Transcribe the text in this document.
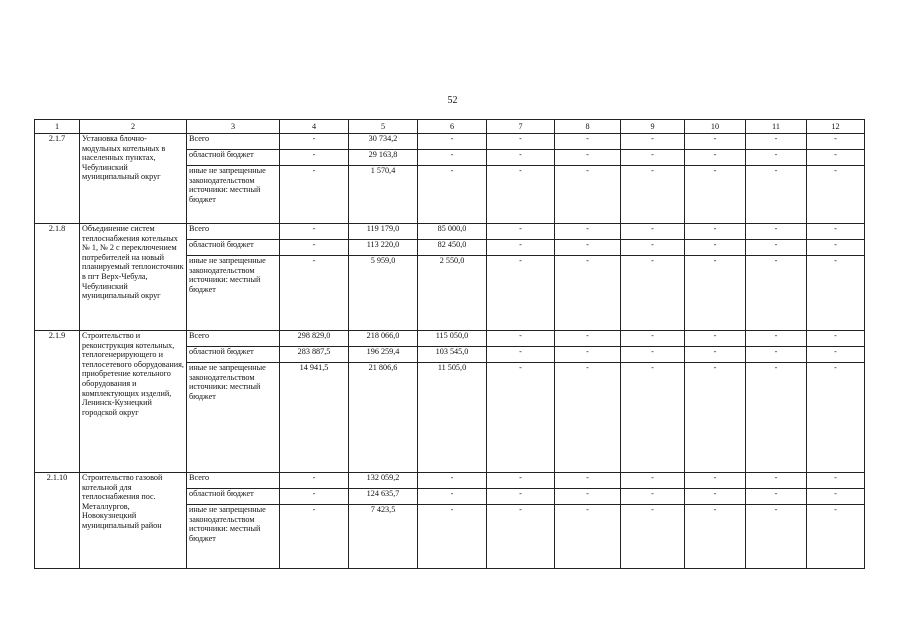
52
1	2	3	4	5	6	7	8	9	10	11	12
2.1.7	Установка блочно-модульных котельных в населенных пунктах, Чебулинский муниципальный округ	Всего	-	30 734,2	-	-	-	-	-	-	-
		областной бюджет	-	29 163,8	-	-	-	-	-	-	-
		иные не запрещенные законодательством источники: местный бюджет	-	1 570,4	-	-	-	-	-	-	-
2.1.8	Объединение систем теплоснабжения котельных № 1, № 2 с переключением потребителей на новый планируемый теплоисточник в пгт Верх-Чебула, Чебулинский муниципальный округ	Всего	-	119 179,0	85 000,0	-	-	-	-	-	-
		областной бюджет	-	113 220,0	82 450,0	-	-	-	-	-	-
		иные не запрещенные законодательством источники: местный бюджет	-	5 959,0	2 550,0	-	-	-	-	-	-
2.1.9	Строительство и реконструкция котельных, теплогенерирующего и теплосетевого оборудования, приобретение котельного оборудования и комплектующих изделий, Ленинск-Кузнецкий городской округ	Всего	298 829,0	218 066,0	115 050,0	-	-	-	-	-	-
		областной бюджет	283 887,5	196 259,4	103 545,0	-	-	-	-	-	-
		иные не запрещенные законодательством источники: местный бюджет	14 941,5	21 806,6	11 505,0	-	-	-	-	-	-
2.1.10	Строительство газовой котельной для теплоснабжения пос. Металлургов, Новокузнецкий муниципальный район	Всего	-	132 059,2	-	-	-	-	-	-	-
		областной бюджет	-	124 635,7	-	-	-	-	-	-	-
		иные не запрещенные законодательством источники: местный бюджет	-	7 423,5	-	-	-	-	-	-	-
